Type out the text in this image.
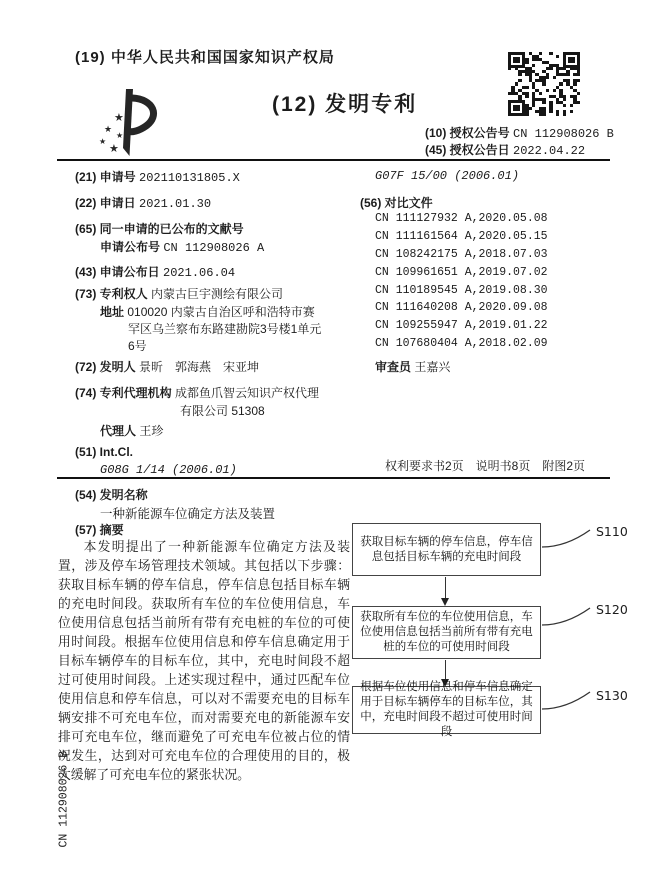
(19) 中华人民共和国国家知识产权局
★
★
★
★
★
(12) 发明专利
(10) 授权公告号 CN 112908026 B
(45) 授权公告日 2022.04.22
(21) 申请号 202110131805.X
(22) 申请日 2021.01.30
(65) 同一申请的已公布的文献号
申请公布号 CN 112908026 A
(43) 申请公布日 2021.06.04
(73) 专利权人 内蒙古巨宇测绘有限公司
地址 010020 内蒙古自治区呼和浩特市赛
罕区乌兰察布东路建勘院3号楼1单元
6号
(72) 发明人 景昕　郭海燕　宋亚坤
(74) 专利代理机构 成都鱼爪智云知识产权代理
有限公司 51308
代理人 王珍
(51) Int.Cl.
G08G 1/14 (2006.01)
G07F 15/00 (2006.01)
(56) 对比文件
CN 111127932 A,2020.05.08
CN 111161564 A,2020.05.15
CN 108242175 A,2018.07.03
CN 109961651 A,2019.07.02
CN 110189545 A,2019.08.30
CN 111640208 A,2020.09.08
CN 109255947 A,2019.01.22
CN 107680404 A,2018.02.09
审查员 王嘉兴
权利要求书2页　说明书8页　附图2页
(54) 发明名称
一种新能源车位确定方法及装置
(57) 摘要
本发明提出了一种新能源车位确定方法及装置，涉及停车场管理技术领域。其包括以下步骤：获取目标车辆的停车信息，停车信息包括目标车辆的充电时间段。获取所有车位的车位使用信息，车位使用信息包括当前所有带有充电桩的车位的可使用时间段。根据车位使用信息和停车信息确定用于目标车辆停车的目标车位，其中，充电时间段不超过可使用时间段。上述实现过程中，通过匹配车位使用信息和停车信息，可以对不需要充电的目标车辆安排不可充电车位，而对需要充电的新能源车安排可充电车位，继而避免了可充电车位被占位的情况发生，达到对可充电车位的合理使用的目的，极大缓解了可充电车位的紧张状况。
获取目标车辆的停车信息，停车信息包括目标车辆的充电时间段
S110
获取所有车位的车位使用信息，车位使用信息包括当前所有带有充电桩的车位的可使用时间段
S120
根据车位使用信息和停车信息确定用于目标车辆停车的目标车位，其中，充电时间段不超过可使用时间段
S130
CN 112908026 B
